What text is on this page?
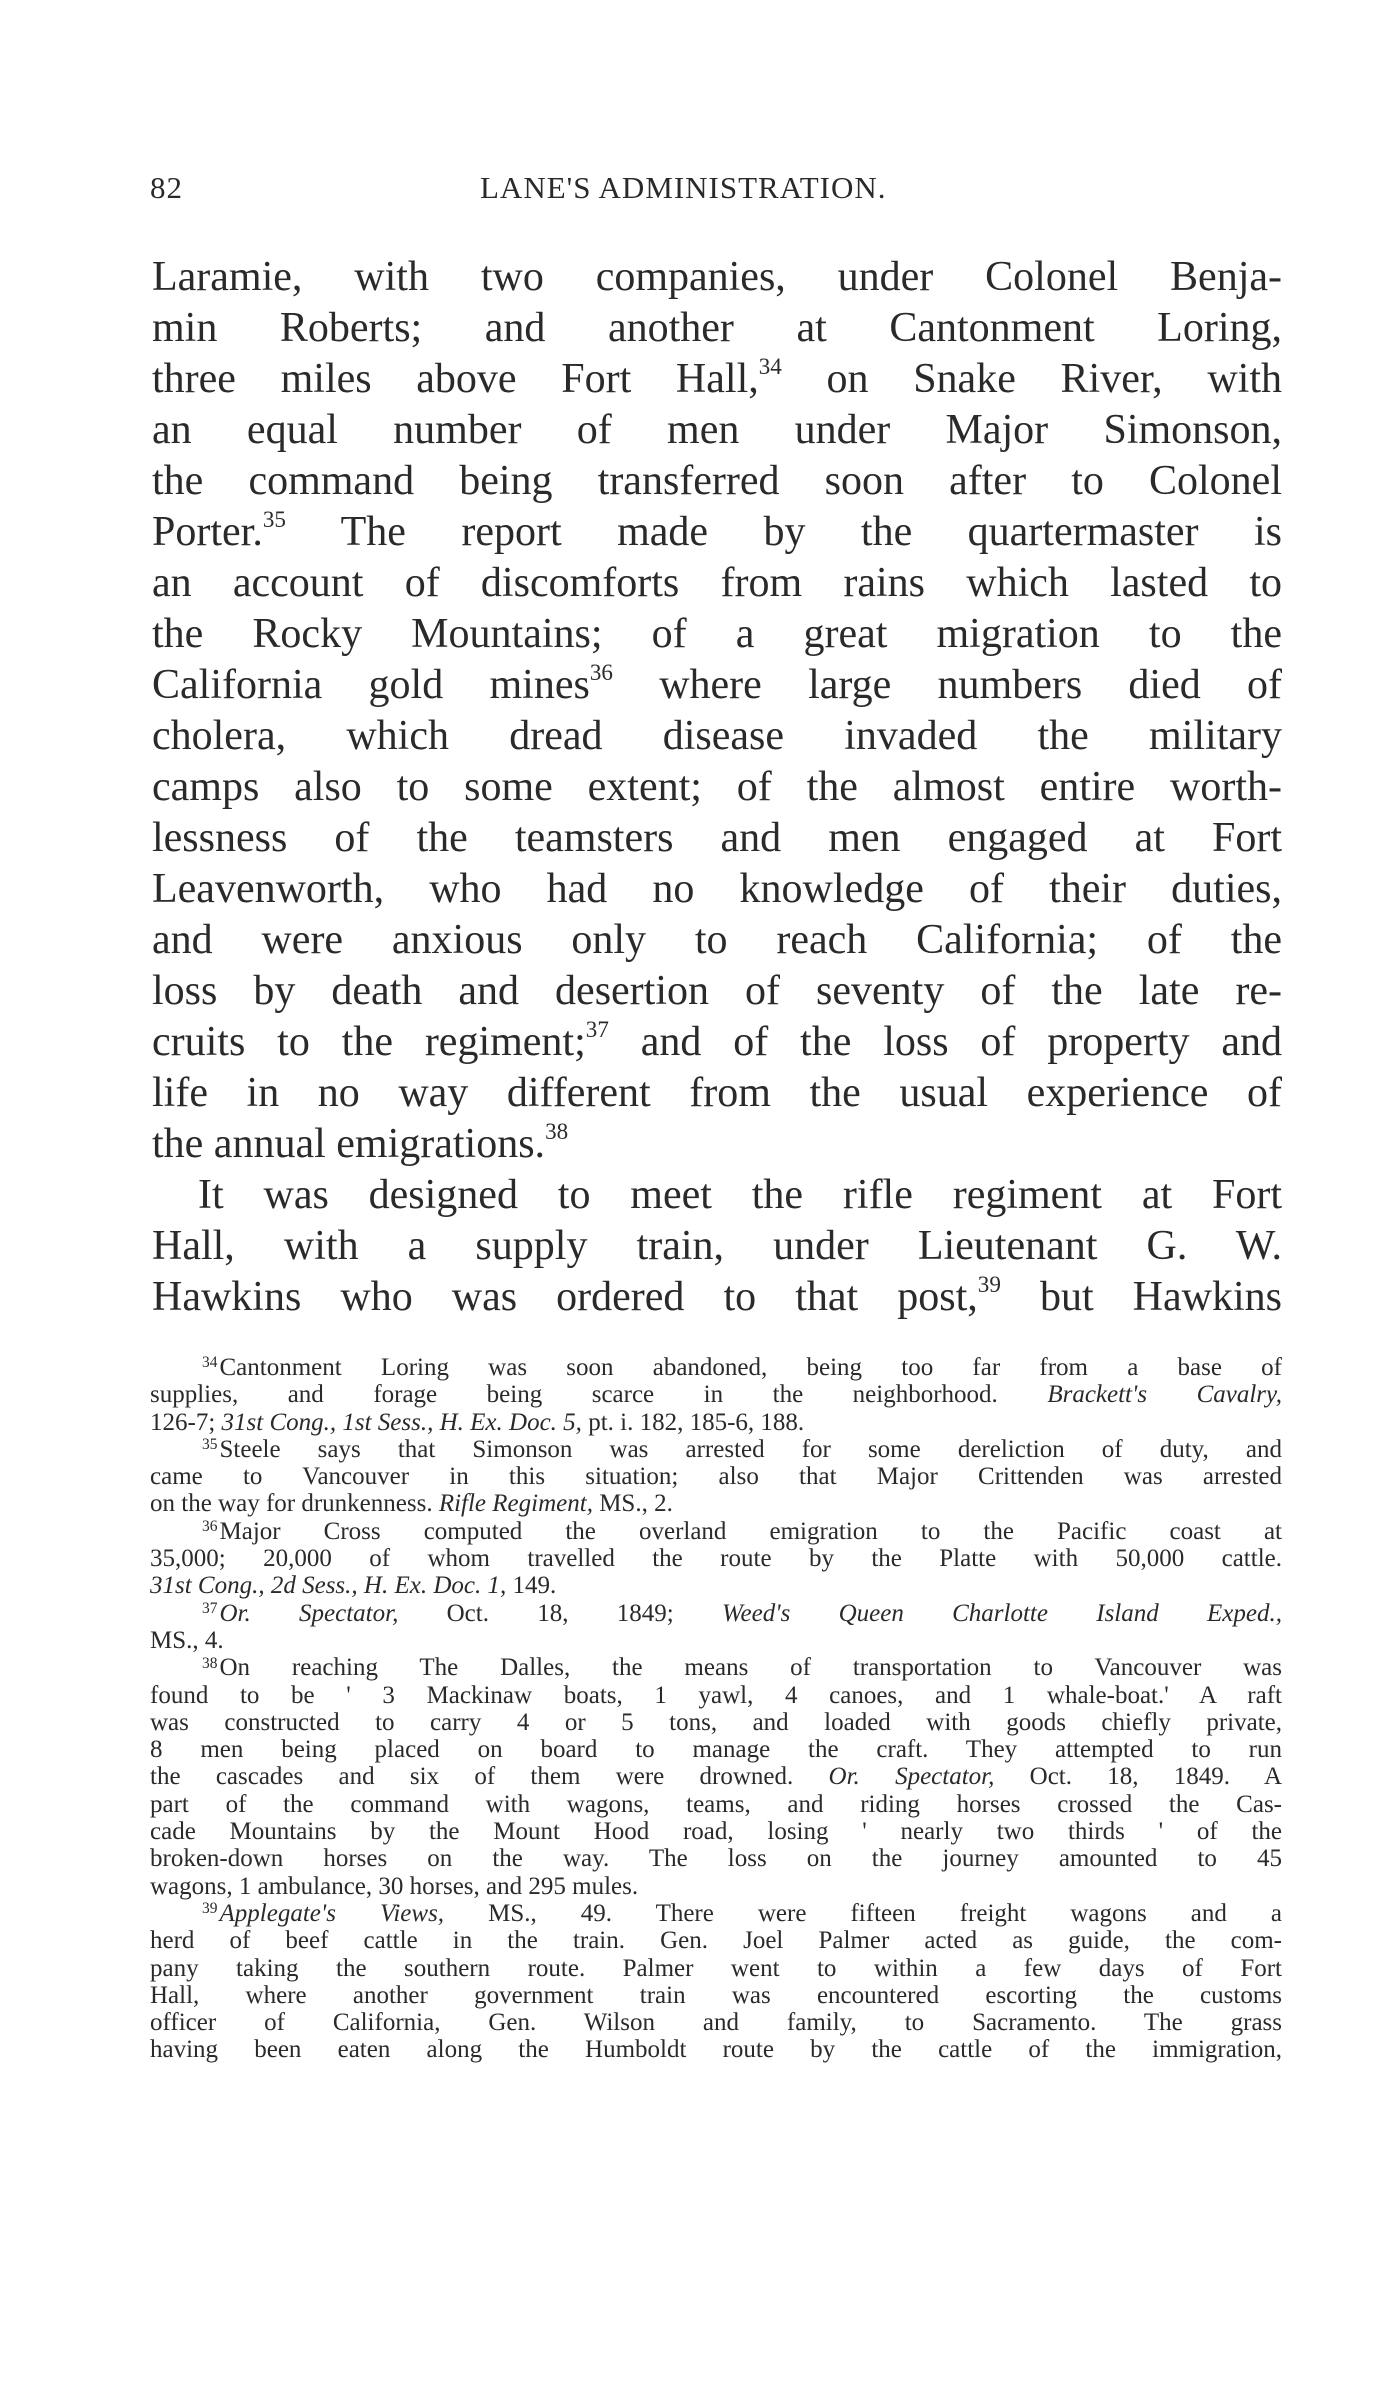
82	LANE'S ADMINISTRATION.
Laramie, with two companies, under Colonel Benja-
min Roberts; and another at Cantonment Loring,
three miles above Fort Hall,$^{34}$ on Snake River, with
an equal number of men under Major Simonson,
the command being transferred soon after to Colonel
Porter.$^{35}$ The report made by the quartermaster is
an account of discomforts from rains which lasted to
the Rocky Mountains; of a great migration to the
California gold mines$^{36}$ where large numbers died of
cholera, which dread disease invaded the military
camps also to some extent; of the almost entire worth-
lessness of the teamsters and men engaged at Fort
Leavenworth, who had no knowledge of their duties,
and were anxious only to reach California; of the
loss by death and desertion of seventy of the late re-
cruits to the regiment;$^{37}$ and of the loss of property and
life in no way different from the usual experience of
the annual emigrations.$^{38}$
It was designed to meet the rifle regiment at Fort
Hall, with a supply train, under Lieutenant G. W.
Hawkins who was ordered to that post,$^{39}$ but Hawkins
$^{34}$Cantonment Loring was soon abandoned, being too far from a base of
supplies, and forage being scarce in the neighborhood. Brackett's Cavalry,
126-7; 31st Cong., 1st Sess., H. Ex. Doc. 5, pt. i. 182, 185-6, 188.
$^{35}$Steele says that Simonson was arrested for some dereliction of duty, and
came to Vancouver in this situation; also that Major Crittenden was arrested
on the way for drunkenness. Rifle Regiment, MS., 2.
$^{36}$Major Cross computed the overland emigration to the Pacific coast at
35,000; 20,000 of whom travelled the route by the Platte with 50,000 cattle.
31st Cong., 2d Sess., H. Ex. Doc. 1, 149.
$^{37}$Or. Spectator, Oct. 18, 1849; Weed's Queen Charlotte Island Exped.,
MS., 4.
$^{38}$On reaching The Dalles, the means of transportation to Vancouver was
found to be ' 3 Mackinaw boats, 1 yawl, 4 canoes, and 1 whale-boat.' A raft
was constructed to carry 4 or 5 tons, and loaded with goods chiefly private,
8 men being placed on board to manage the craft. They attempted to run
the cascades and six of them were drowned. Or. Spectator, Oct. 18, 1849. A
part of the command with wagons, teams, and riding horses crossed the Cas-
cade Mountains by the Mount Hood road, losing ' nearly two thirds ' of the
broken-down horses on the way. The loss on the journey amounted to 45
wagons, 1 ambulance, 30 horses, and 295 mules.
$^{39}$Applegate's Views, MS., 49. There were fifteen freight wagons and a
herd of beef cattle in the train. Gen. Joel Palmer acted as guide, the com-
pany taking the southern route. Palmer went to within a few days of Fort
Hall, where another government train was encountered escorting the customs
officer of California, Gen. Wilson and family, to Sacramento. The grass
having been eaten along the Humboldt route by the cattle of the immigration,
